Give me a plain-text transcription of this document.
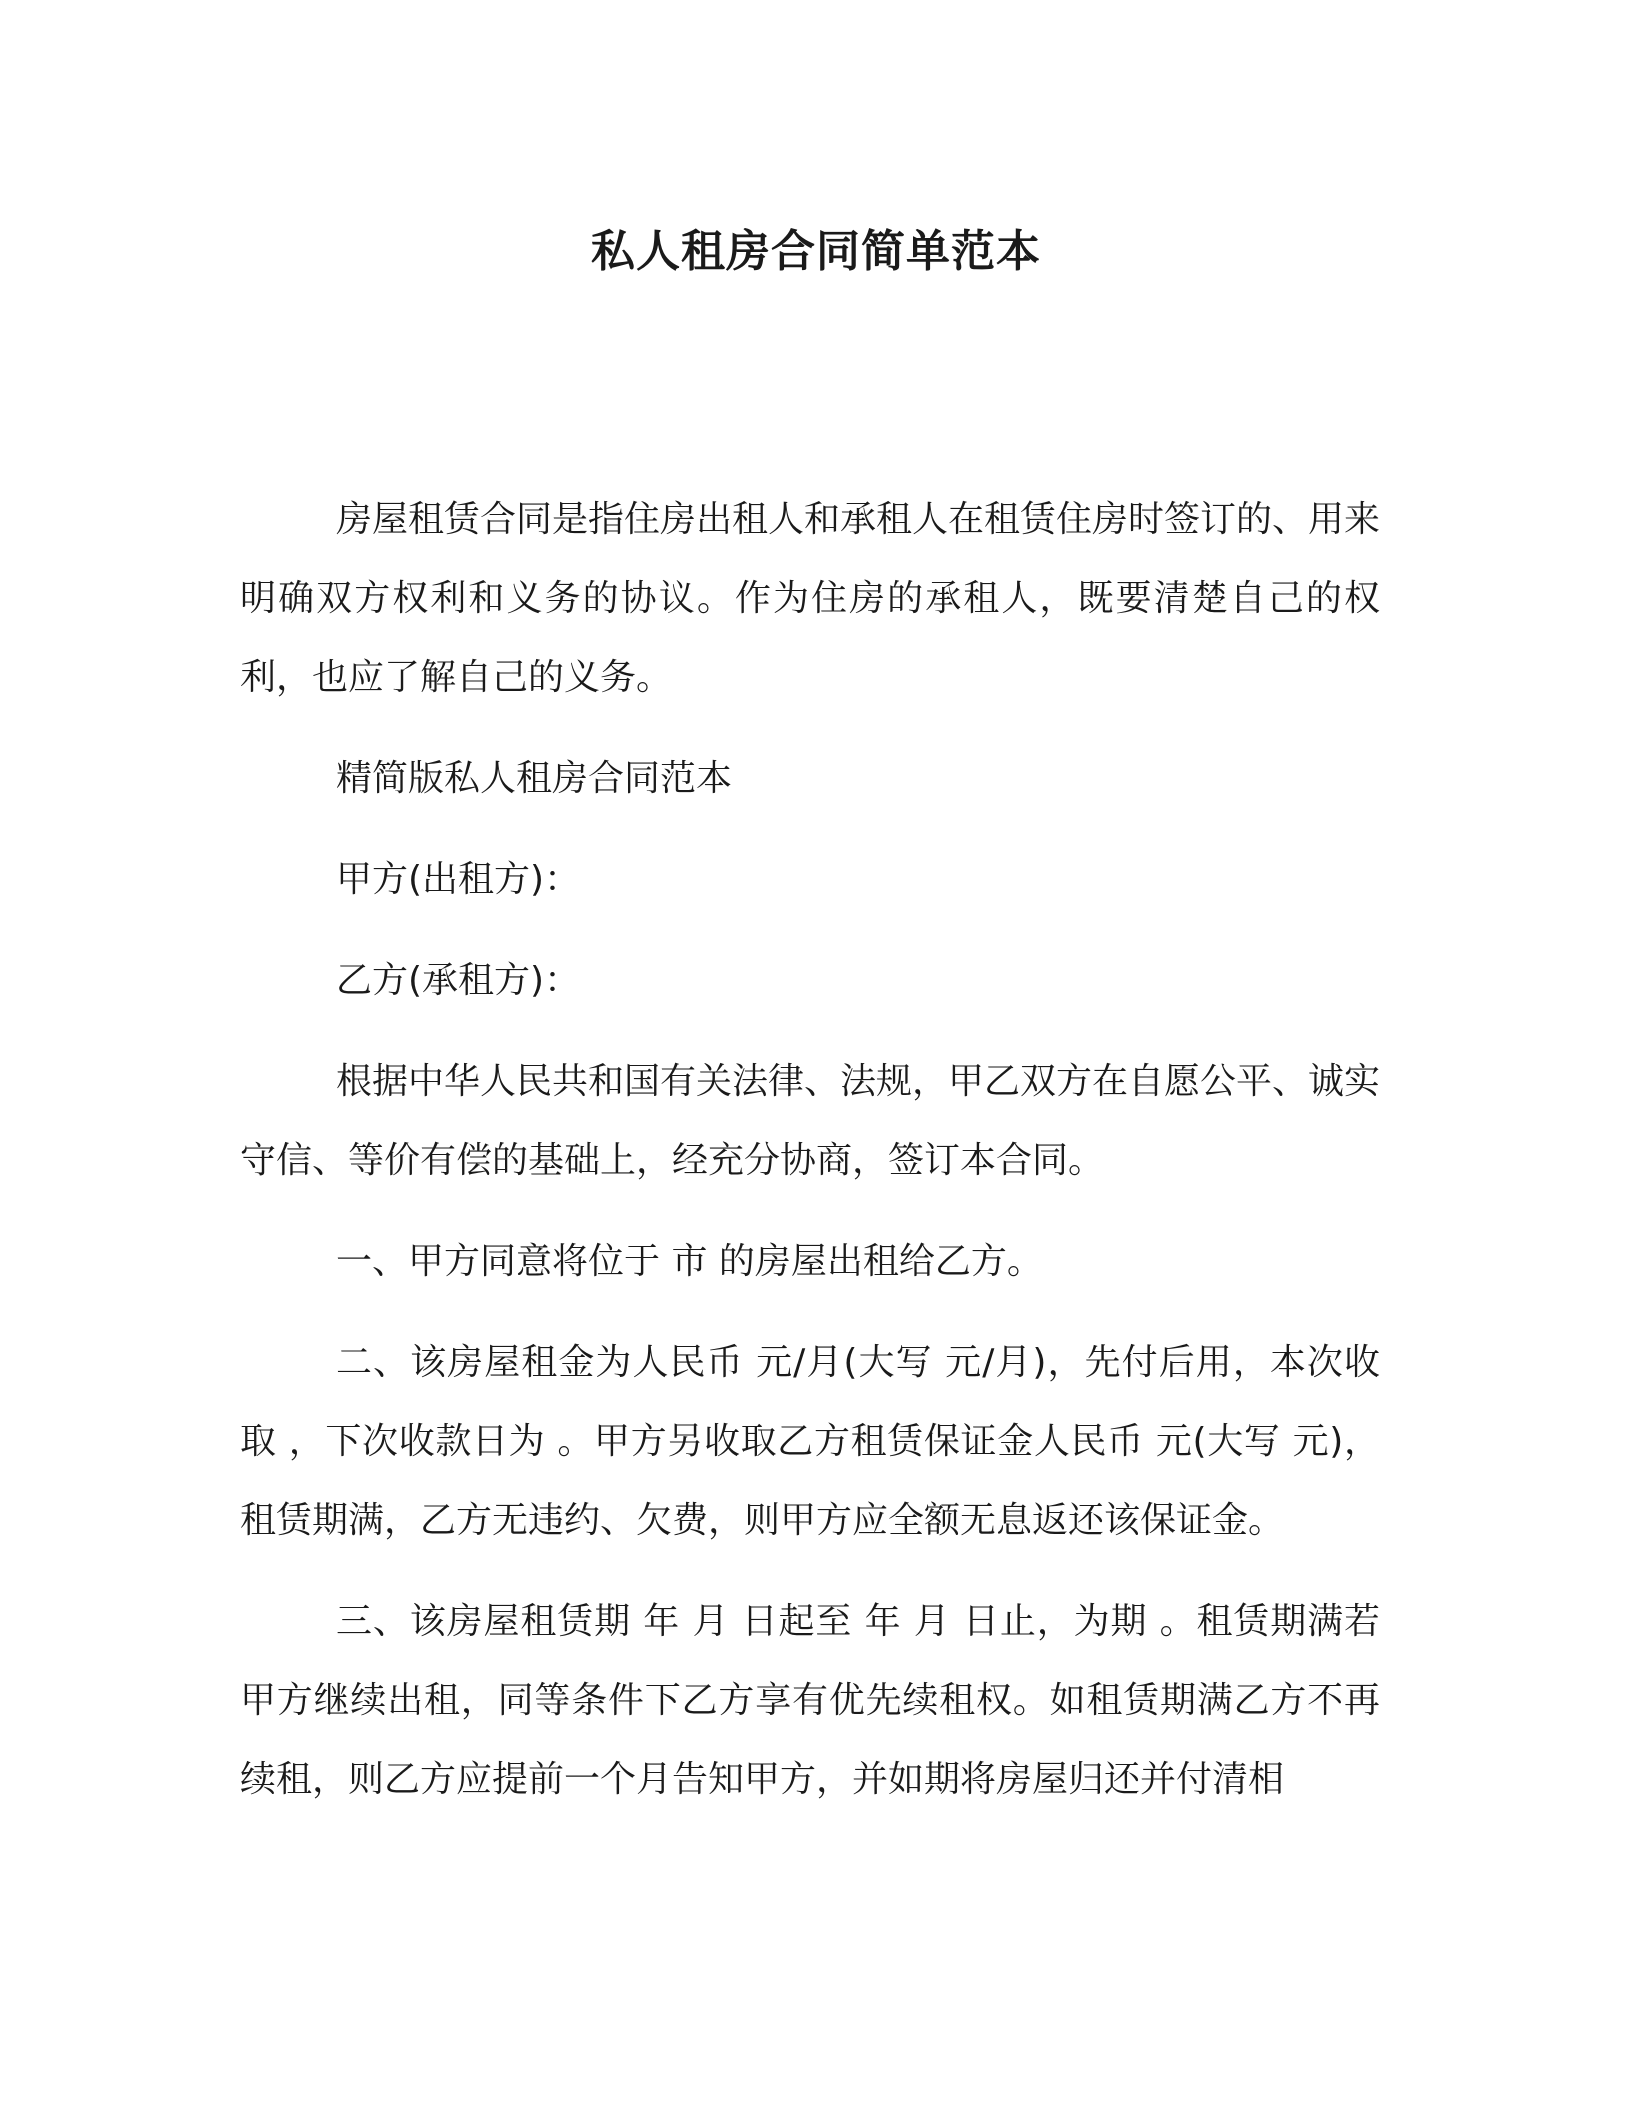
私人租房合同简单范本

房屋租赁合同是指住房出租人和承租人在租赁住房时签订的、用来明确双方权利和义务的协议。作为住房的承租人，既要清楚自己的权利，也应了解自己的义务。

精简版私人租房合同范本

甲方(出租方)：

乙方(承租方)：

根据中华人民共和国有关法律、法规，甲乙双方在自愿公平、诚实守信、等价有偿的基础上，经充分协商，签订本合同。

一、甲方同意将位于 市 的房屋出租给乙方。

二、该房屋租金为人民币 元/月(大写 元/月)，先付后用，本次收取 ，下次收款日为 。甲方另收取乙方租赁保证金人民币 元(大写 元)，租赁期满，乙方无违约、欠费，则甲方应全额无息返还该保证金。

三、该房屋租赁期 年 月 日起至 年 月 日止，为期 。租赁期满若甲方继续出租，同等条件下乙方享有优先续租权。如租赁期满乙方不再续租，则乙方应提前一个月告知甲方，并如期将房屋归还并付清相
